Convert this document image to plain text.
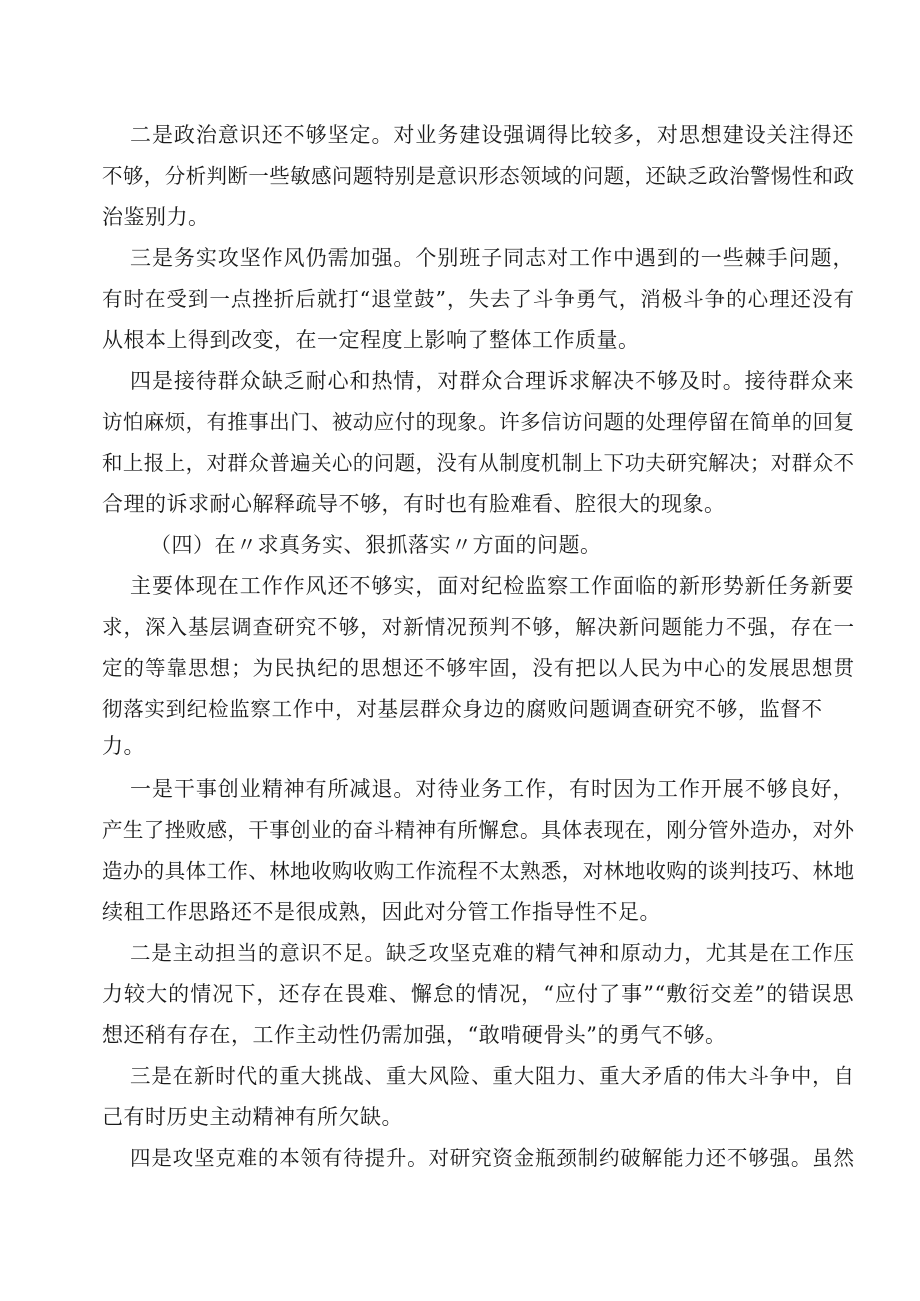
二是政治意识还不够坚定。对业务建设强调得比较多，对思想建设关注得还
不够，分析判断一些敏感问题特别是意识形态领域的问题，还缺乏政治警惕性和政
治鉴别力。
三是务实攻坚作风仍需加强。个别班子同志对工作中遇到的一些棘手问题，
有时在受到一点挫折后就打“退堂鼓”，失去了斗争勇气，消极斗争的心理还没有
从根本上得到改变，在一定程度上影响了整体工作质量。
四是接待群众缺乏耐心和热情，对群众合理诉求解决不够及时。接待群众来
访怕麻烦，有推事出门、被动应付的现象。许多信访问题的处理停留在简单的回复
和上报上，对群众普遍关心的问题，没有从制度机制上下功夫研究解决；对群众不
合理的诉求耐心解释疏导不够，有时也有脸难看、腔很大的现象。
（四）在〃求真务实、狠抓落实〃方面的问题。
主要体现在工作作风还不够实，面对纪检监察工作面临的新形势新任务新要
求，深入基层调查研究不够，对新情况预判不够，解决新问题能力不强，存在一
定的等靠思想；为民执纪的思想还不够牢固，没有把以人民为中心的发展思想贯
彻落实到纪检监察工作中，对基层群众身边的腐败问题调查研究不够，监督不
力。
一是干事创业精神有所减退。对待业务工作，有时因为工作开展不够良好，
产生了挫败感，干事创业的奋斗精神有所懈怠。具体表现在，刚分管外造办，对外
造办的具体工作、林地收购收购工作流程不太熟悉，对林地收购的谈判技巧、林地
续租工作思路还不是很成熟，因此对分管工作指导性不足。
二是主动担当的意识不足。缺乏攻坚克难的精气神和原动力，尤其是在工作压
力较大的情况下，还存在畏难、懈怠的情况，“应付了事”“敷衍交差”的错误思
想还稍有存在，工作主动性仍需加强，“敢啃硬骨头”的勇气不够。
三是在新时代的重大挑战、重大风险、重大阻力、重大矛盾的伟大斗争中，自
己有时历史主动精神有所欠缺。
四是攻坚克难的本领有待提升。对研究资金瓶颈制约破解能力还不够强。虽然
